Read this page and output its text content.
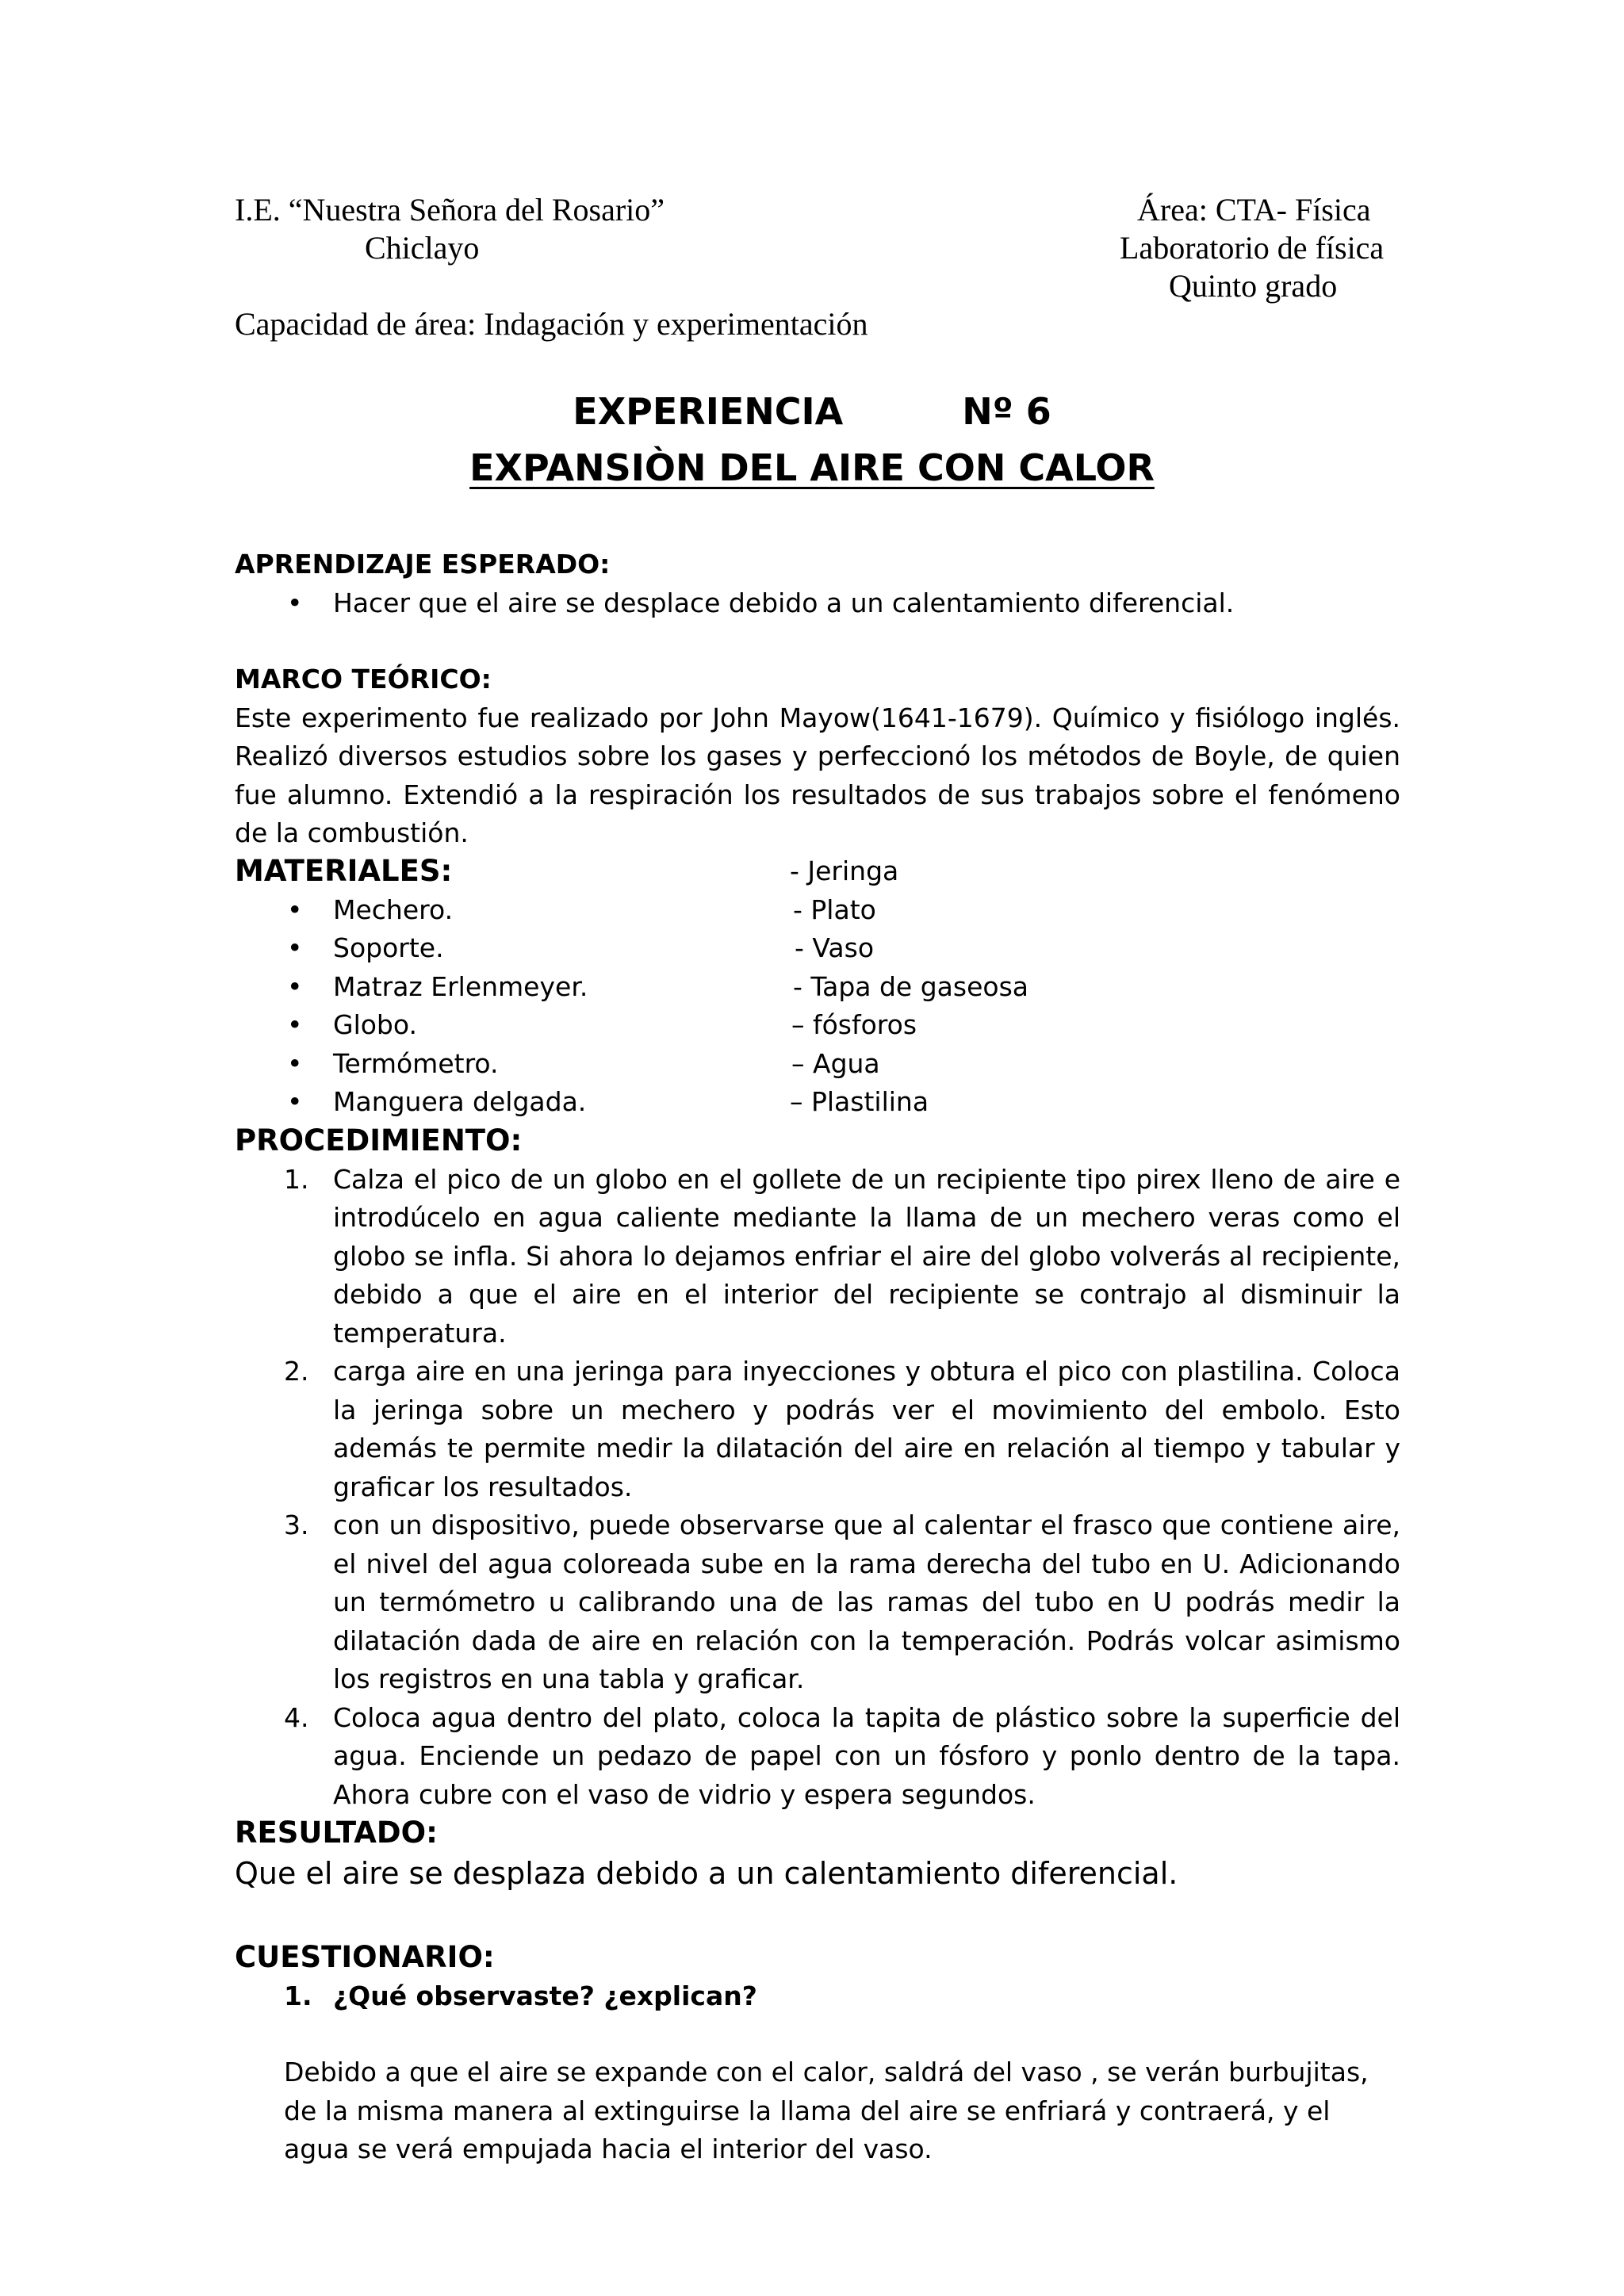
I.E. “Nuestra Señora del Rosario”
Chiclayo
Área: CTA- Física
Laboratorio de física
Quinto grado
Capacidad de área: Indagación y experimentación
EXPERIENCIA	Nº 6
EXPANSIÒN DEL AIRE CON CALOR
APRENDIZAJE ESPERADO:
• Hacer que el aire se desplace debido a un calentamiento diferencial.
MARCO TEÓRICO:
Este experimento fue realizado por John Mayow(1641-1679). Químico y fisiólogo inglés. Realizó diversos estudios sobre los gases y perfeccionó los métodos de Boyle, de quien fue alumno. Extendió a la respiración los resultados de sus trabajos sobre el fenómeno de la combustión.
MATERIALES:	- Jeringa
• Mechero.	- Plato
• Soporte.	- Vaso
• Matraz Erlenmeyer.	- Tapa de gaseosa
• Globo.	– fósforos
• Termómetro.	– Agua
• Manguera delgada.	– Plastilina
PROCEDIMIENTO:
1. Calza el pico de un globo en el gollete de un recipiente tipo pirex lleno de aire e introdúcelo en agua caliente mediante la llama de un mechero veras como el globo se infla. Si ahora lo dejamos enfriar el aire del globo volverás al recipiente, debido a que el aire en el interior del recipiente se contrajo al disminuir la temperatura.
2. carga aire en una jeringa para inyecciones y obtura el pico con plastilina. Coloca la jeringa sobre un mechero y podrás ver el movimiento del embolo. Esto además te permite medir la dilatación del aire en relación al tiempo y tabular y graficar los resultados.
3. con un dispositivo, puede observarse que al calentar el frasco que contiene aire, el nivel del agua coloreada sube en la rama derecha del tubo en U. Adicionando un termómetro u calibrando una de las ramas del tubo en U podrás medir la dilatación dada de aire en relación con la temperación. Podrás volcar asimismo los registros en una tabla y graficar.
4. Coloca agua dentro del plato, coloca la tapita de plástico sobre la superficie del agua. Enciende un pedazo de papel con un fósforo y ponlo dentro de la tapa. Ahora cubre con el vaso de vidrio y espera segundos.
RESULTADO:
Que el aire se desplaza debido a un calentamiento diferencial.
CUESTIONARIO:
1. ¿Qué observaste? ¿explican?
Debido a que el aire se expande con el calor, saldrá del vaso , se verán burbujitas, de la misma manera al extinguirse la llama del aire se enfriará y contraerá, y el agua se verá empujada hacia el interior del vaso.
